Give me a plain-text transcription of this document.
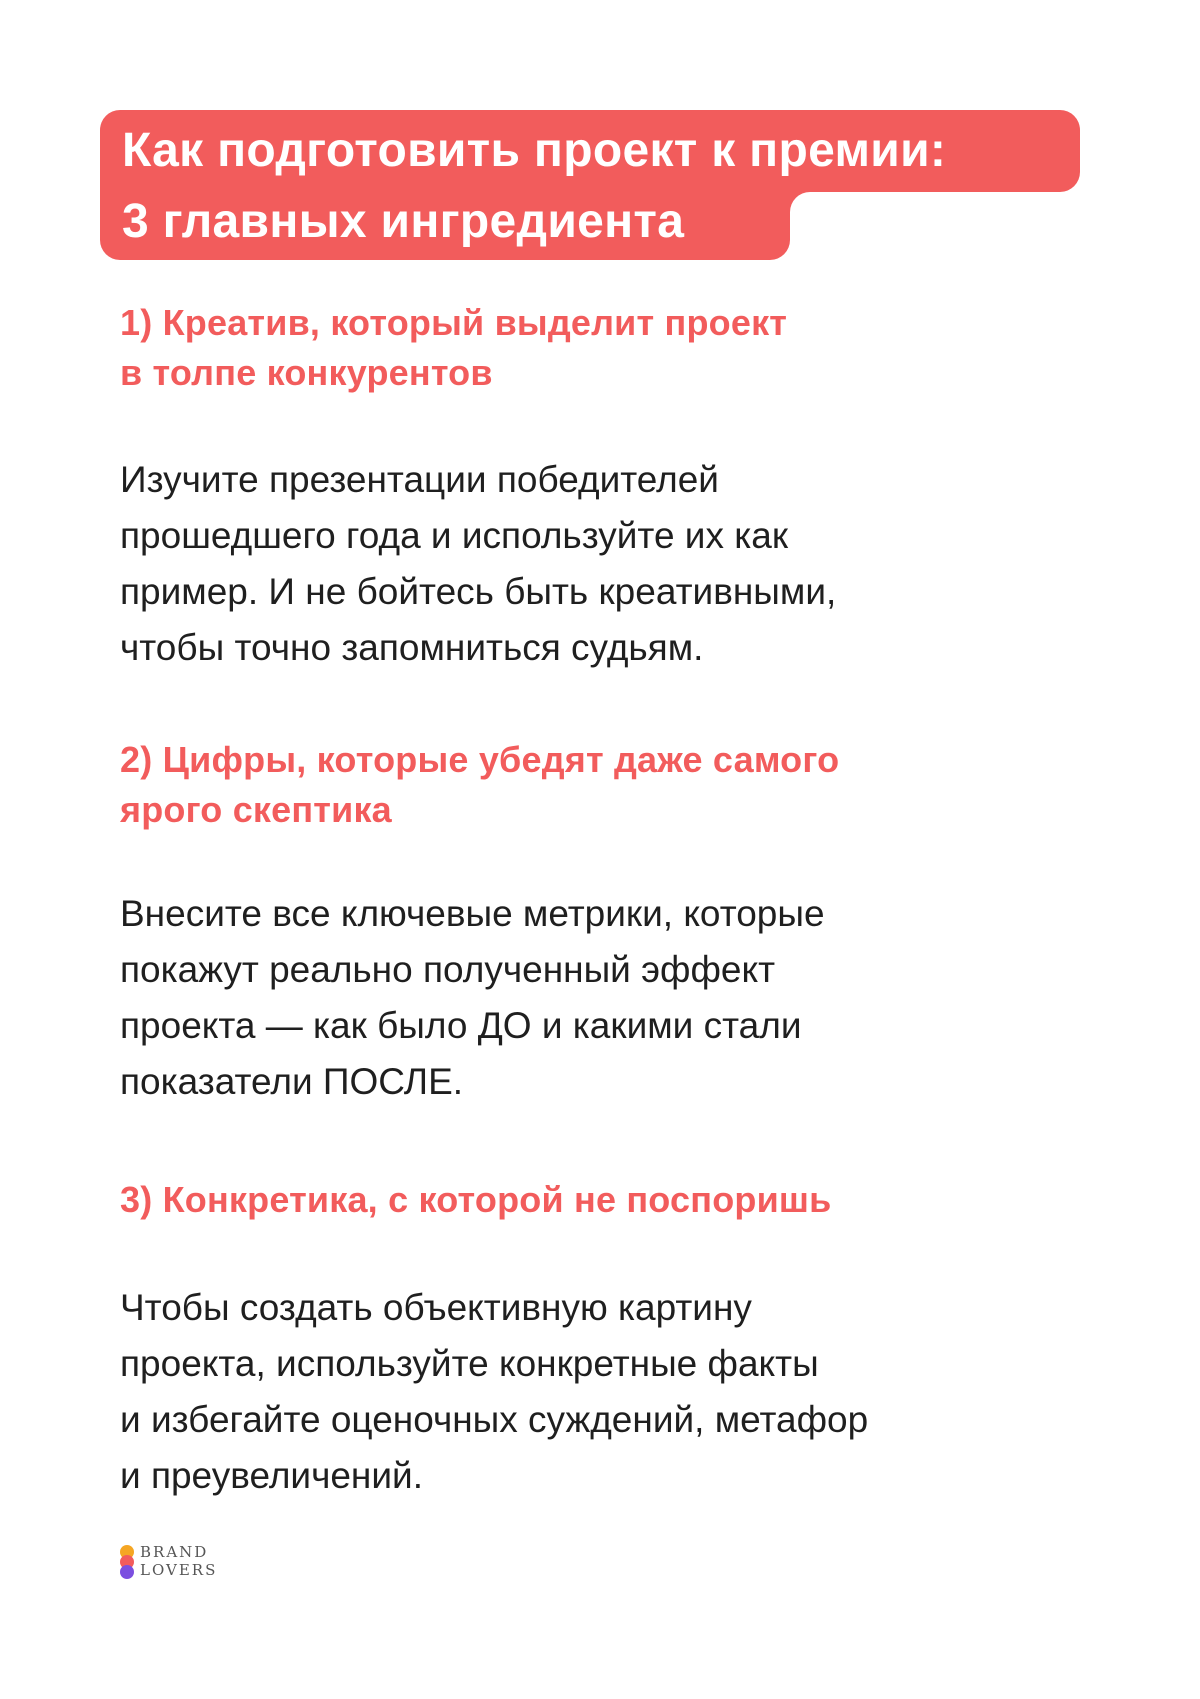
Как подготовить проект к премии:
3 главных ингредиента
1) Креатив, который выделит проект
в толпе конкурентов

Изучите презентации победителей
прошедшего года и используйте их как
пример. И не бойтесь быть креативными,
чтобы точно запомниться судьям.

2) Цифры, которые убедят даже самого
ярого скептика

Внесите все ключевые метрики, которые
покажут реально полученный эффект
проекта — как было ДО и какими стали
показатели ПОСЛЕ.

3) Конкретика, с которой не поспоришь

Чтобы создать объективную картину
проекта, используйте конкретные факты
и избегайте оценочных суждений, метафор
и преувеличений.

BRAND
LOVERS
